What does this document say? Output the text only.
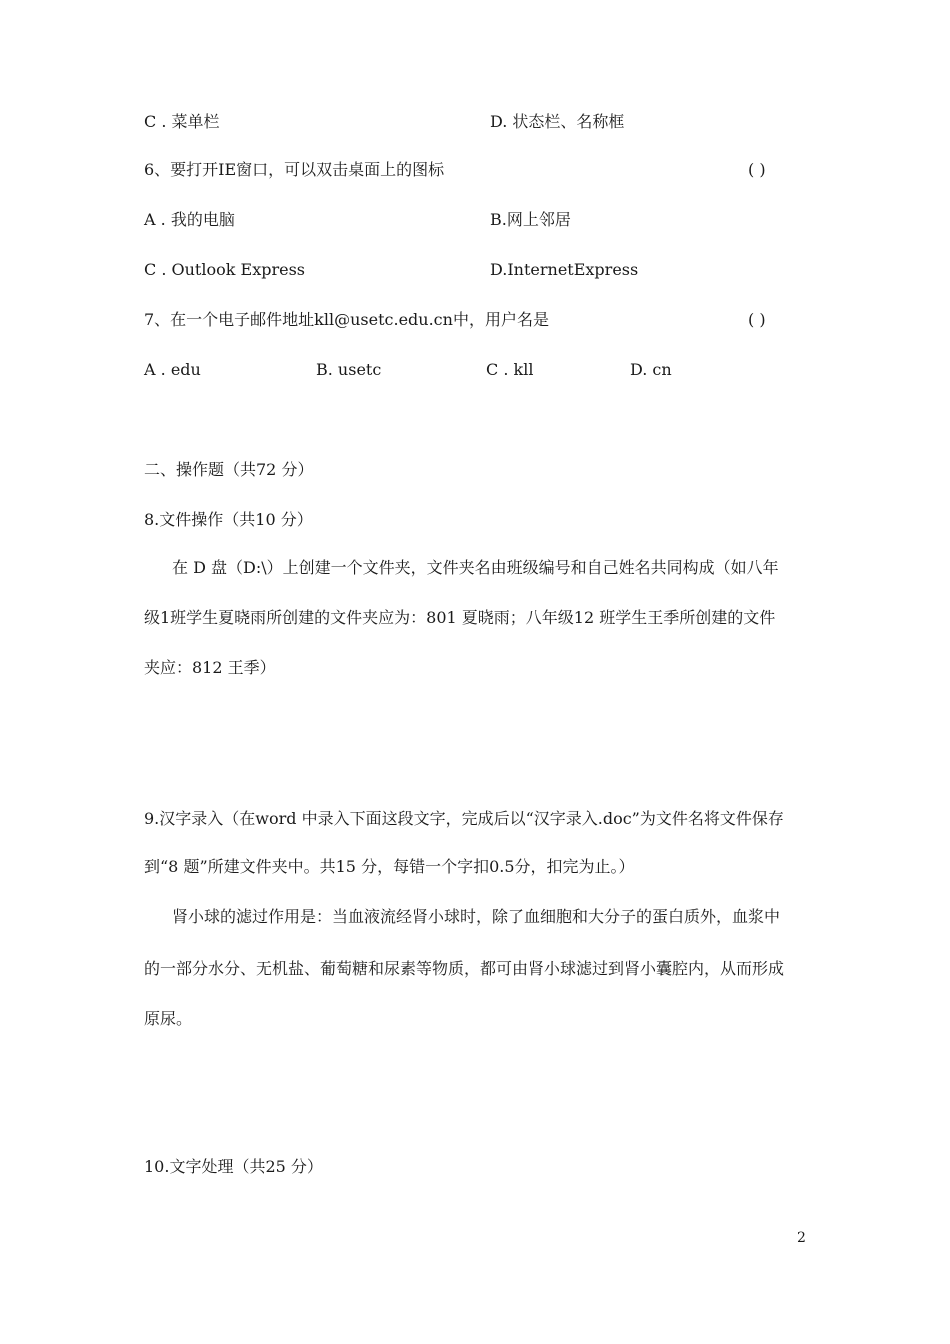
C . 菜单栏	D. 状态栏、名称框
6、要打开IE窗口，可以双击桌面上的图标	( )
A . 我的电脑	B.网上邻居
C . Outlook Express	D.InternetExpress
7、在一个电子邮件地址kll@usetc.edu.cn中，用户名是	( )
A . edu	B. usetc	C . kll	D. cn
二、操作题（共72 分）
8.文件操作（共10 分）
在 D 盘（D:\）上创建一个文件夹，文件夹名由班级编号和自己姓名共同构成（如八年
级1班学生夏晓雨所创建的文件夹应为：801 夏晓雨；八年级12 班学生王季所创建的文件
夹应：812 王季）
9.汉字录入（在word 中录入下面这段文字，完成后以“汉字录入.doc”为文件名将文件保存
到“8 题”所建文件夹中。共15 分，每错一个字扣0.5分，扣完为止。）
肾小球的滤过作用是：当血液流经肾小球时，除了血细胞和大分子的蛋白质外，血浆中
的一部分水分、无机盐、葡萄糖和尿素等物质，都可由肾小球滤过到肾小囊腔内，从而形成
原尿。
10.文字处理（共25 分）
2
